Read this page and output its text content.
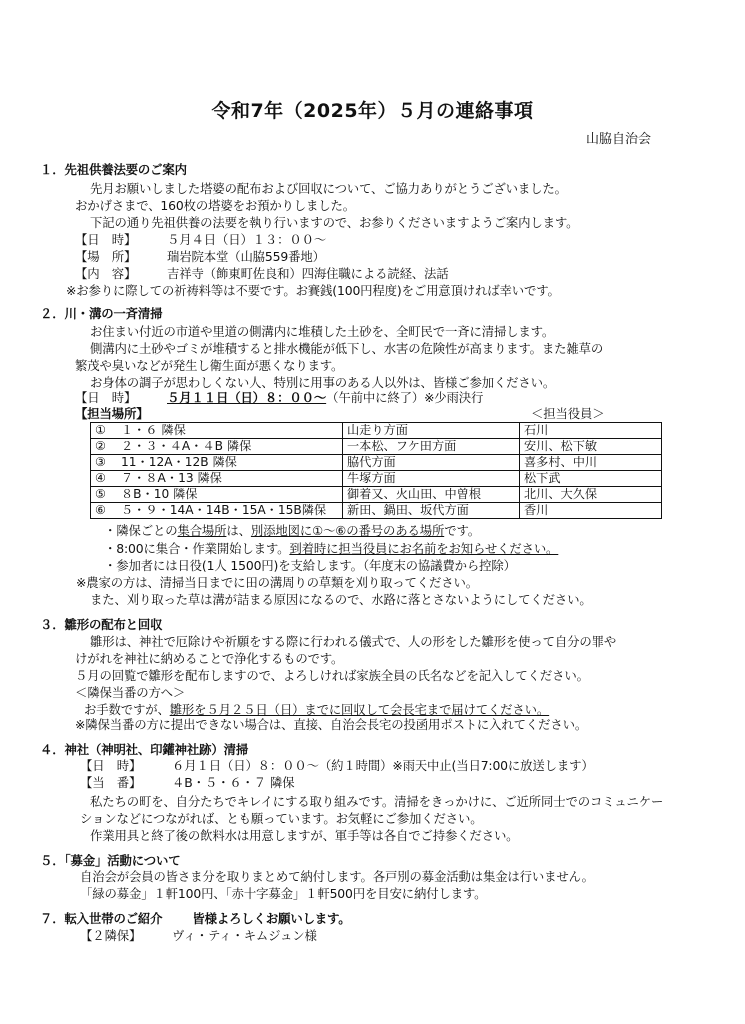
令和7年（2025年）５月の連絡事項
山脇自治会
１．先祖供養法要のご案内
先月お願いしました塔婆の配布および回収について、ご協力ありがとうございました。
おかげさまで、160枚の塔婆をお預かりしました。
下記の通り先祖供養の法要を執り行いますので、お参りくださいますようご案内します。
【日　時】 ５月４日（日）１３：００～
【場　所】 瑞岩院本堂（山脇559番地）
【内　容】 吉祥寺（飾東町佐良和）四海住職による読経、法話
※お参りに際しての祈祷料等は不要です。お賽銭(100円程度)をご用意頂ければ幸いです。
２．川・溝の一斉清掃
お住まい付近の市道や里道の側溝内に堆積した土砂を、全町民で一斉に清掃します。
側溝内に土砂やゴミが堆積すると排水機能が低下し、水害の危険性が高まります。また雑草の
繁茂や臭いなどが発生し衛生面が悪くなります。
お身体の調子が思わしくない人、特別に用事のある人以外は、皆様ご参加ください。
【日　時】 ５月１１日（日）８：００～（午前中に終了）※少雨決行
【担当場所】	＜担当役員＞
① １・６ 隣保	山走り方面	石川
② ２・３・４A・４B 隣保	一本松、フケ田方面	安川、松下敏
③ 11・12A・12B 隣保	脇代方面	喜多村、中川
④ ７・８A・13 隣保	牛塚方面	松下武
⑤ ８B・10 隣保	御着又、火山田、中曽根	北川、大久保
⑥ ５・９・14A・14B・15A・15B隣保	新田、鍋田、坂代方面	香川
・隣保ごとの集合場所は、別添地図に①～⑥の番号のある場所です。
・8:00に集合・作業開始します。到着時に担当役員にお名前をお知らせください。
・参加者には日役(1人 1500円)を支給します。（年度末の協議費から控除）
※農家の方は、清掃当日までに田の溝周りの草類を刈り取ってください。
また、刈り取った草は溝が詰まる原因になるので、水路に落とさないようにしてください。
３．雛形の配布と回収
雛形は、神社で厄除けや祈願をする際に行われる儀式で、人の形をした雛形を使って自分の罪や
けがれを神社に納めることで浄化するものです。
５月の回覧で雛形を配布しますので、よろしければ家族全員の氏名などを記入してください。
＜隣保当番の方へ＞
お手数ですが、雛形を５月２５日（日）までに回収して会長宅まで届けてください。
※隣保当番の方に提出できない場合は、直接、自治会長宅の投函用ポストに入れてください。
４．神社（神明社、印鑵神社跡）清掃
【日　時】 ６月１日（日）８：００～（約１時間）※雨天中止(当日7:00に放送します）
【当　番】 ４B・５・６・７ 隣保
私たちの町を、自分たちでキレイにする取り組みです。清掃をきっかけに、ご近所同士でのコミュニケー
ションなどにつながれば、とも願っています。お気軽にご参加ください。
作業用具と終了後の飲料水は用意しますが、軍手等は各自でご持参ください。
５．「募金」活動について
自治会が会員の皆さま分を取りまとめて納付します。各戸別の募金活動は集金は行いません。
「緑の募金」１軒100円、「赤十字募金」１軒500円を目安に納付します。
７．転入世帯のご紹介 皆様よろしくお願いします。
【２隣保】 ヴィ・ティ・キムジュン様
